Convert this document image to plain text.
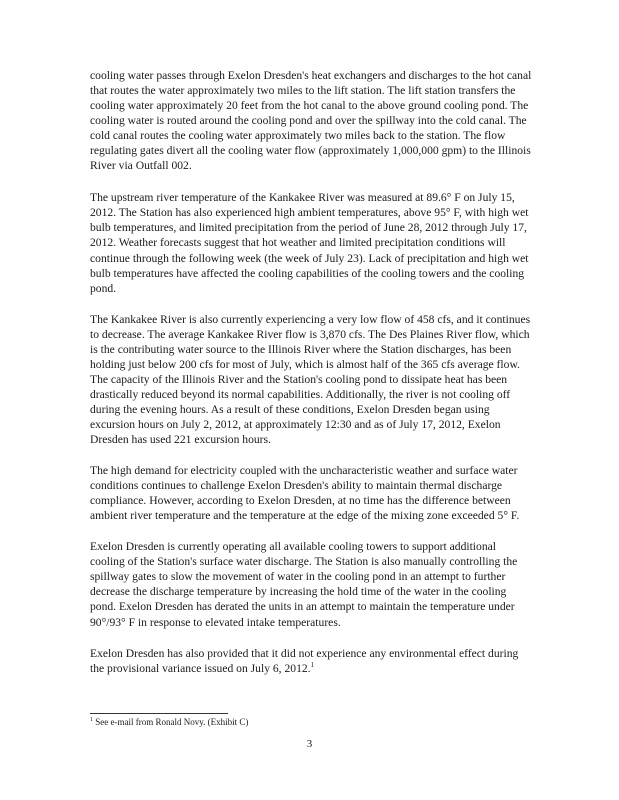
cooling water passes through Exelon Dresden's heat exchangers and discharges to the hot canal that routes the water approximately two miles to the lift station. The lift station transfers the cooling water approximately 20 feet from the hot canal to the above ground cooling pond. The cooling water is routed around the cooling pond and over the spillway into the cold canal. The cold canal routes the cooling water approximately two miles back to the station. The flow regulating gates divert all the cooling water flow (approximately 1,000,000 gpm) to the Illinois River via Outfall 002.

The upstream river temperature of the Kankakee River was measured at 89.6° F on July 15, 2012. The Station has also experienced high ambient temperatures, above 95° F, with high wet bulb temperatures, and limited precipitation from the period of June 28, 2012 through July 17, 2012. Weather forecasts suggest that hot weather and limited precipitation conditions will continue through the following week (the week of July 23). Lack of precipitation and high wet bulb temperatures have affected the cooling capabilities of the cooling towers and the cooling pond.

The Kankakee River is also currently experiencing a very low flow of 458 cfs, and it continues to decrease. The average Kankakee River flow is 3,870 cfs. The Des Plaines River flow, which is the contributing water source to the Illinois River where the Station discharges, has been holding just below 200 cfs for most of July, which is almost half of the 365 cfs average flow. The capacity of the Illinois River and the Station's cooling pond to dissipate heat has been drastically reduced beyond its normal capabilities. Additionally, the river is not cooling off during the evening hours. As a result of these conditions, Exelon Dresden began using excursion hours on July 2, 2012, at approximately 12:30 and as of July 17, 2012, Exelon Dresden has used 221 excursion hours.

The high demand for electricity coupled with the uncharacteristic weather and surface water conditions continues to challenge Exelon Dresden's ability to maintain thermal discharge compliance. However, according to Exelon Dresden, at no time has the difference between ambient river temperature and the temperature at the edge of the mixing zone exceeded 5° F.

Exelon Dresden is currently operating all available cooling towers to support additional cooling of the Station's surface water discharge. The Station is also manually controlling the spillway gates to slow the movement of water in the cooling pond in an attempt to further decrease the discharge temperature by increasing the hold time of the water in the cooling pond. Exelon Dresden has derated the units in an attempt to maintain the temperature under 90°/93° F in response to elevated intake temperatures.

Exelon Dresden has also provided that it did not experience any environmental effect during the provisional variance issued on July 6, 2012.$^1$

$^1$ See e-mail from Ronald Novy. (Exhibit C)

3
